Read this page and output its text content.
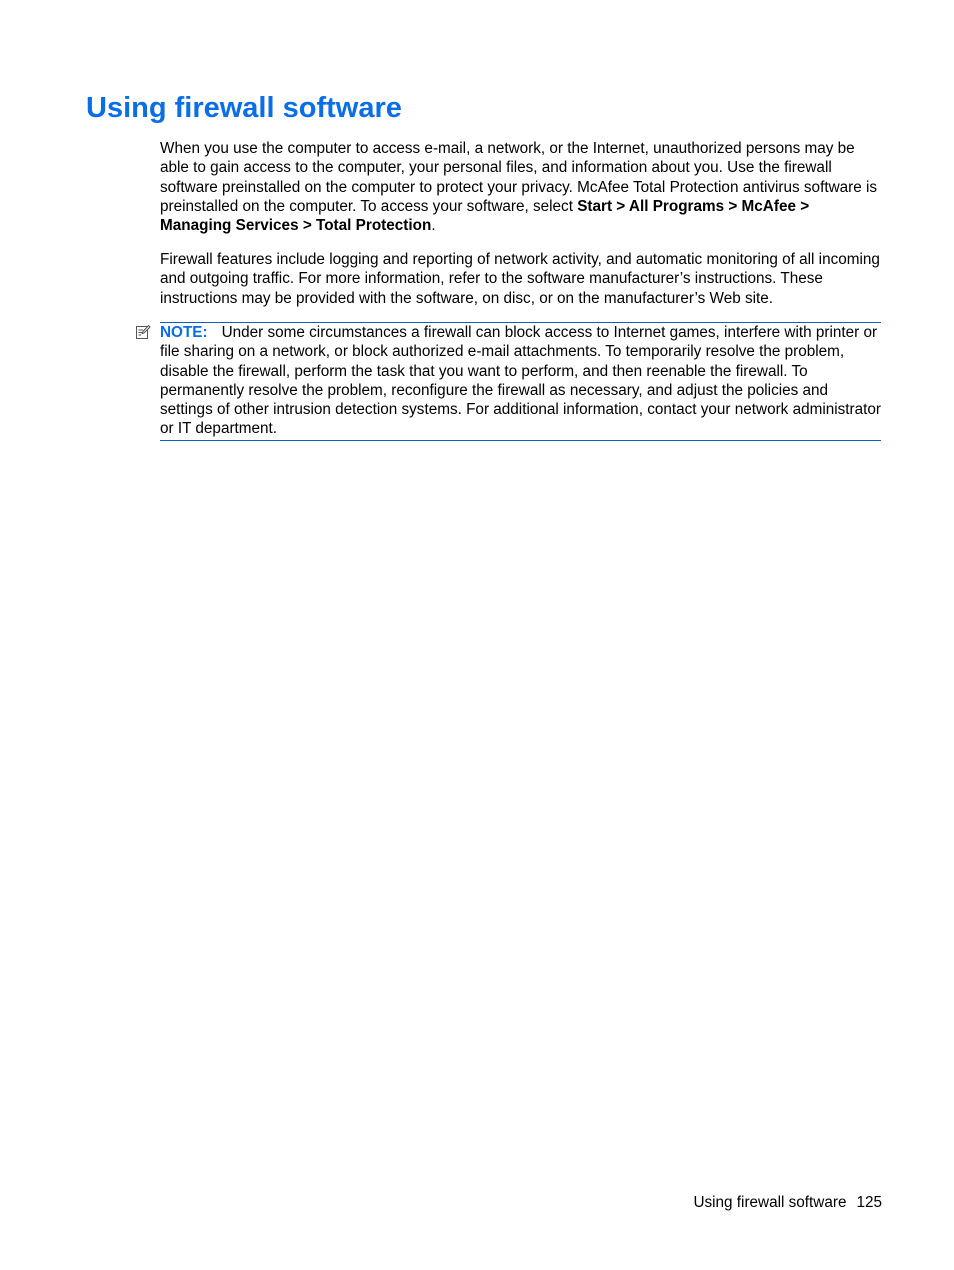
Using firewall software

When you use the computer to access e-mail, a network, or the Internet, unauthorized persons may be able to gain access to the computer, your personal files, and information about you. Use the firewall software preinstalled on the computer to protect your privacy. McAfee Total Protection antivirus software is preinstalled on the computer. To access your software, select Start > All Programs > McAfee > Managing Services > Total Protection.

Firewall features include logging and reporting of network activity, and automatic monitoring of all incoming and outgoing traffic. For more information, refer to the software manufacturer’s instructions. These instructions may be provided with the software, on disc, or on the manufacturer’s Web site.

NOTE: Under some circumstances a firewall can block access to Internet games, interfere with printer or file sharing on a network, or block authorized e-mail attachments. To temporarily resolve the problem, disable the firewall, perform the task that you want to perform, and then reenable the firewall. To permanently resolve the problem, reconfigure the firewall as necessary, and adjust the policies and settings of other intrusion detection systems. For additional information, contact your network administrator or IT department.
Using firewall software 125
